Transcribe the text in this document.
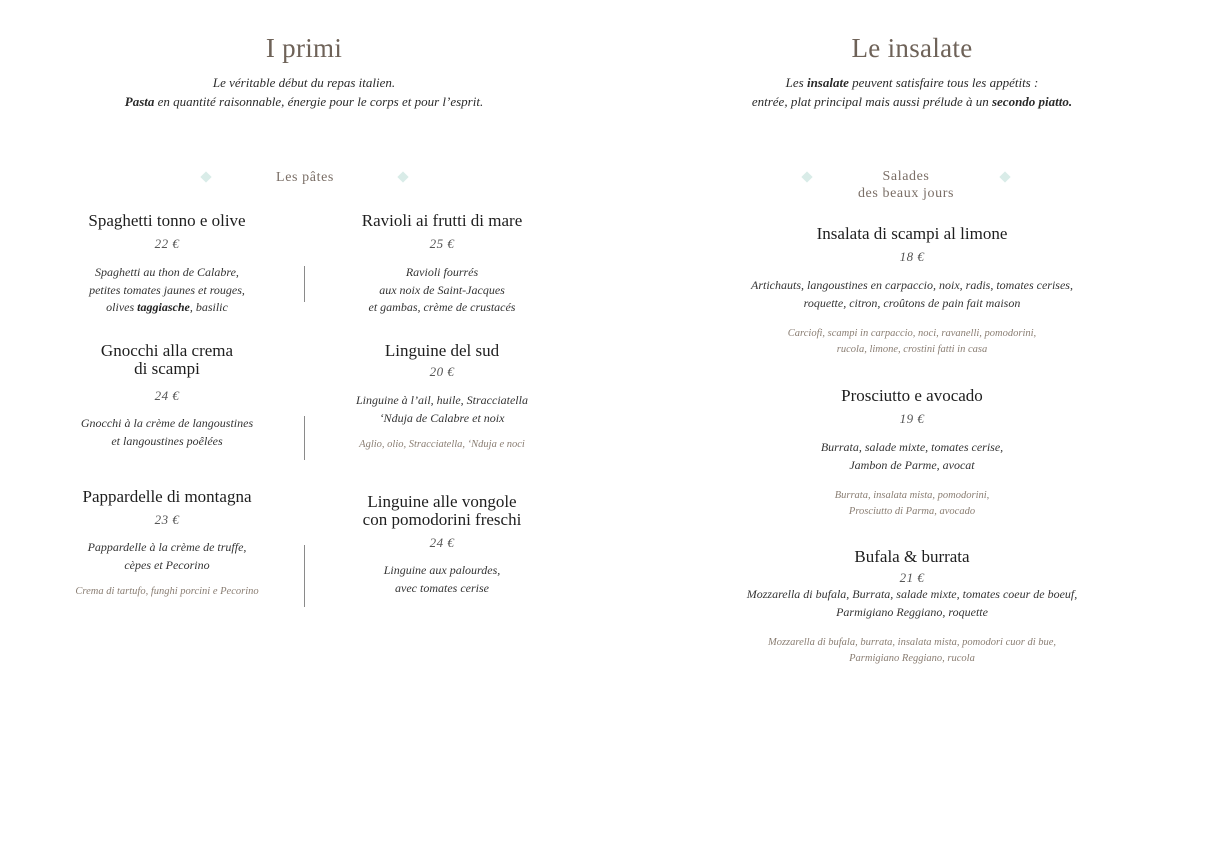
I primi
Le véritable début du repas italien.
Pasta en quantité raisonnable, énergie pour le corps et pour l’esprit.
Les pâtes
Spaghetti tonno e olive
22 €
Spaghetti au thon de Calabre,
petites tomates jaunes et rouges,
olives taggiasche, basilic
Ravioli ai frutti di mare
25 €
Ravioli fourrés
aux noix de Saint-Jacques
et gambas, crème de crustacés
Gnocchi alla crema
di scampi
24 €
Gnocchi à la crème de langoustines
et langoustines poêlées
Linguine del sud
20 €
Linguine à l’ail, huile, Stracciatella
‘Nduja de Calabre et noix
Aglio, olio, Stracciatella, ‘Nduja e noci
Pappardelle di montagna
23 €
Pappardelle à la crème de truffe,
cèpes et Pecorino
Crema di tartufo, funghi porcini e Pecorino
Linguine alle vongole
con pomodorini freschi
24 €
Linguine aux palourdes,
avec tomates cerise
Le insalate
Les insalate peuvent satisfaire tous les appétits :
entrée, plat principal mais aussi prélude à un secondo piatto.
Salades
des beaux jours
Insalata di scampi al limone
18 €
Artichauts, langoustines en carpaccio, noix, radis, tomates cerises,
roquette, citron, croûtons de pain fait maison
Carciofi, scampi in carpaccio, noci, ravanelli, pomodorini,
rucola, limone, crostini fatti in casa
Prosciutto e avocado
19 €
Burrata, salade mixte, tomates cerise,
Jambon de Parme, avocat
Burrata, insalata mista, pomodorini,
Prosciutto di Parma, avocado
Bufala & burrata
21 €
Mozzarella di bufala, Burrata, salade mixte, tomates coeur de boeuf,
Parmigiano Reggiano, roquette
Mozzarella di bufala, burrata, insalata mista, pomodori cuor di bue,
Parmigiano Reggiano, rucola
